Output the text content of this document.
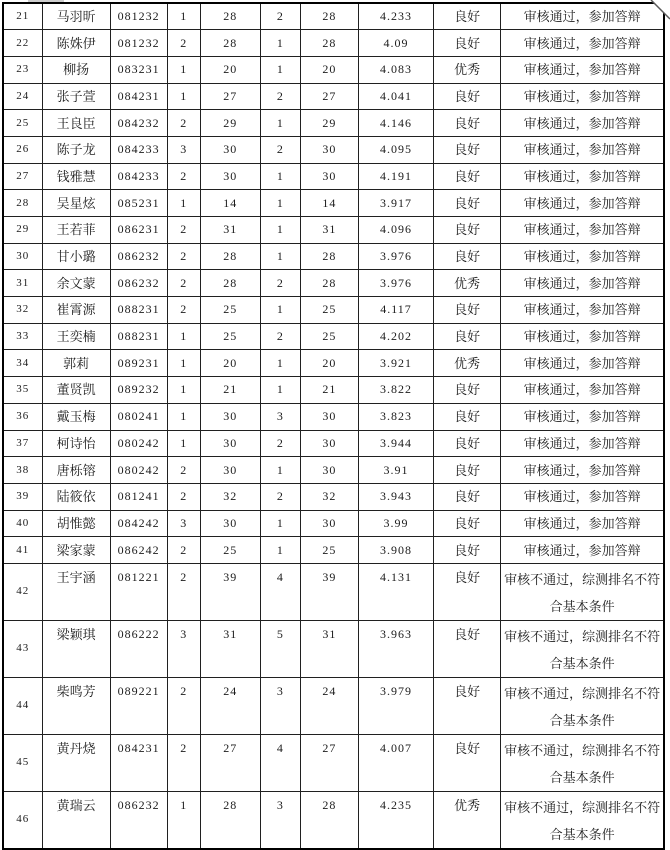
21	马羽昕	081232	1	28	2	28	4.233	良好	审核通过，参加答辩
22	陈姝伊	081232	2	28	1	28	4.09	良好	审核通过，参加答辩
23	柳扬	083231	1	20	1	20	4.083	优秀	审核通过，参加答辩
24	张子萱	084231	1	27	2	27	4.041	良好	审核通过，参加答辩
25	王良臣	084232	2	29	1	29	4.146	良好	审核通过，参加答辩
26	陈子龙	084233	3	30	2	30	4.095	良好	审核通过，参加答辩
27	钱雅慧	084233	2	30	1	30	4.191	良好	审核通过，参加答辩
28	吴星炫	085231	1	14	1	14	3.917	良好	审核通过，参加答辩
29	王若菲	086231	2	31	1	31	4.096	良好	审核通过，参加答辩
30	甘小璐	086232	2	28	1	28	3.976	良好	审核通过，参加答辩
31	余文蒙	086232	2	28	2	28	3.976	优秀	审核通过，参加答辩
32	崔霄源	088231	2	25	1	25	4.117	良好	审核通过，参加答辩
33	王奕楠	088231	1	25	2	25	4.202	良好	审核通过，参加答辩
34	郭莉	089231	1	20	1	20	3.921	优秀	审核通过，参加答辩
35	董贤凯	089232	1	21	1	21	3.822	良好	审核通过，参加答辩
36	戴玉梅	080241	1	30	3	30	3.823	良好	审核通过，参加答辩
37	柯诗怡	080242	1	30	2	30	3.944	良好	审核通过，参加答辩
38	唐栎镕	080242	2	30	1	30	3.91	良好	审核通过，参加答辩
39	陆筱依	081241	2	32	2	32	3.943	良好	审核通过，参加答辩
40	胡惟懿	084242	3	30	1	30	3.99	良好	审核通过，参加答辩
41	梁家蒙	086242	2	25	1	25	3.908	良好	审核通过，参加答辩
42	王宇涵	081221	2	39	4	39	4.131	良好	审核不通过，综测排名不符合基本条件
43	梁颖琪	086222	3	31	5	31	3.963	良好	审核不通过，综测排名不符合基本条件
44	柴鸣芳	089221	2	24	3	24	3.979	良好	审核不通过，综测排名不符合基本条件
45	黄丹烧	084231	2	27	4	27	4.007	良好	审核不通过，综测排名不符合基本条件
46	黄瑞云	086232	1	28	3	28	4.235	优秀	审核不通过，综测排名不符合基本条件
